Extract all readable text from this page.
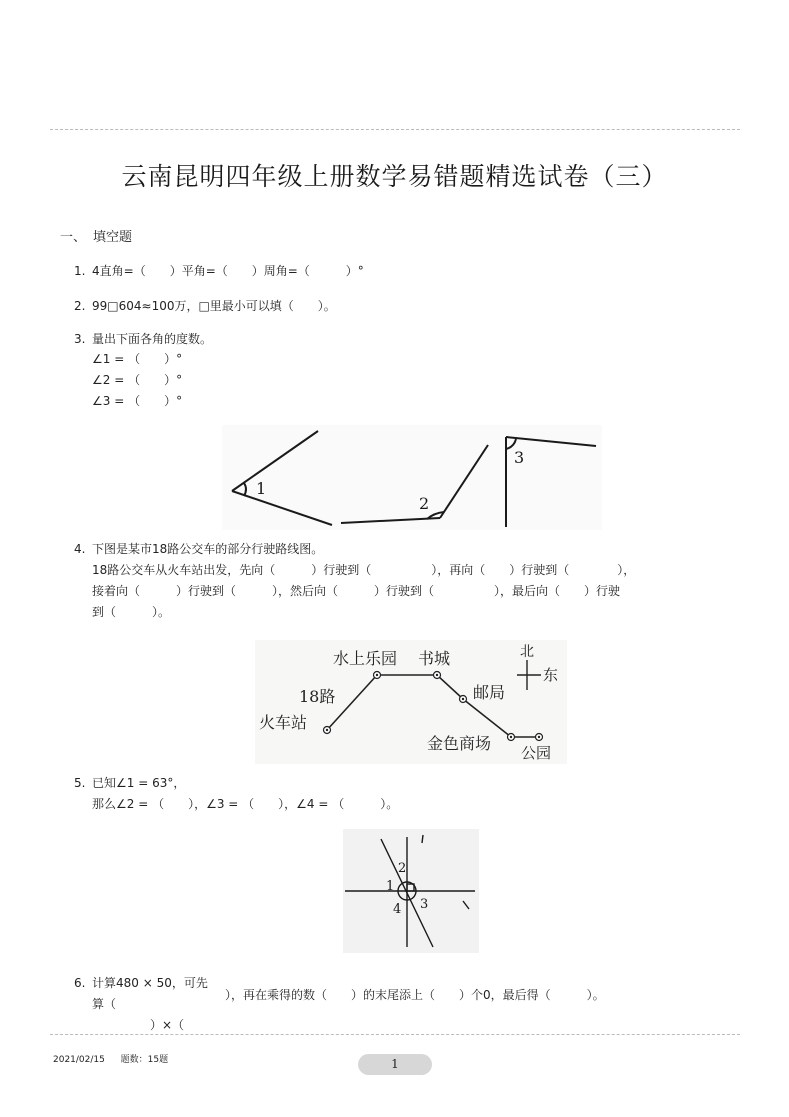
云南昆明四年级上册数学易错题精选试卷（三）
一、 填空题
1. 4直角=（　　）平角=（　　）周角=（　　　）°
2. 99□604≈100万，□里最小可以填（　　）。
3. 量出下面各角的度数。
∠1 = （　　）°
∠2 = （　　）°
∠3 = （　　）°
1
2
3
4. 下图是某市18路公交车的部分行驶路线图。
18路公交车从火车站出发，先向（　　　）行驶到（　　　　　），再向（　　）行驶到（　　　　），
接着向（　　　）行驶到（　　　），然后向（　　　）行驶到（　　　　　），最后向（　　）行驶
到（　　　）。
北
东
火车站
18路
水上乐园 书城
邮局
金色商场 公园
5. 已知∠1 = 63°，
那么∠2 = （　　），∠3 = （　　），∠4 = （　　　）。
1
2
3
4
6. 计算480 × 50，可先
算（
），再在乘得的数（　　）的末尾添上（　　）个0，最后得（　　　）。
）×（
2021/02/15 题数：15题	1
